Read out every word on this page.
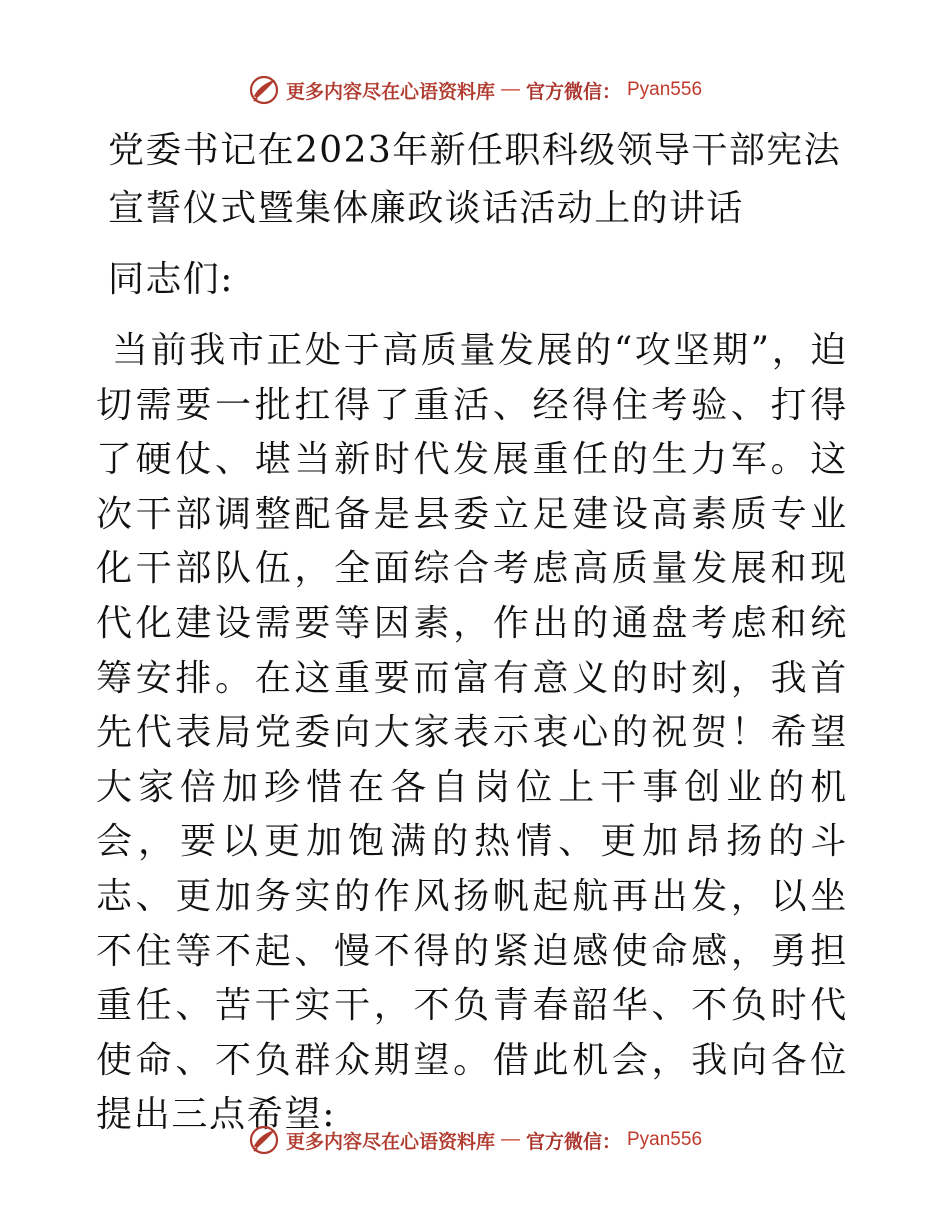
更多内容尽在心语资料库 — 官方微信： Pyan556
党委书记在2023年新任职科级领导干部宪法宣誓仪式暨集体廉政谈话活动上的讲话

同志们:

当前我市正处于高质量发展的“攻坚期”，迫切需要一批扛得了重活、经得住考验、打得了硬仗、堪当新时代发展重任的生力军。这次干部调整配备是县委立足建设高素质专业化干部队伍，全面综合考虑高质量发展和现代化建设需要等因素，作出的通盘考虑和统筹安排。在这重要而富有意义的时刻，我首先代表局党委向大家表示衷心的祝贺！希望大家倍加珍惜在各自岗位上干事创业的机会，要以更加饱满的热情、更加昂扬的斗志、更加务实的作风扬帆起航再出发，以坐不住等不起、慢不得的紧迫感使命感，勇担重任、苦干实干，不负青春韶华、不负时代使命、不负群众期望。借此机会，我向各位提出三点希望:

更多内容尽在心语资料库 — 官方微信： Pyan556
